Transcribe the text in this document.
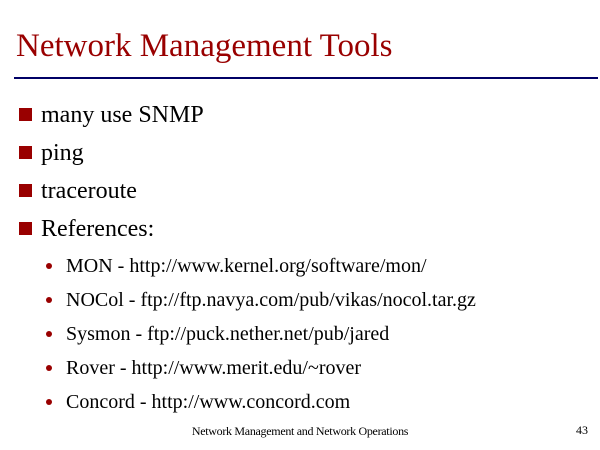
Network Management Tools
many use SNMP
ping
traceroute
References:
MON - http://www.kernel.org/software/mon/
NOCol - ftp://ftp.navya.com/pub/vikas/nocol.tar.gz
Sysmon - ftp://puck.nether.net/pub/jared
Rover - http://www.merit.edu/~rover
Concord - http://www.concord.com
Network Management and Network Operations	43
